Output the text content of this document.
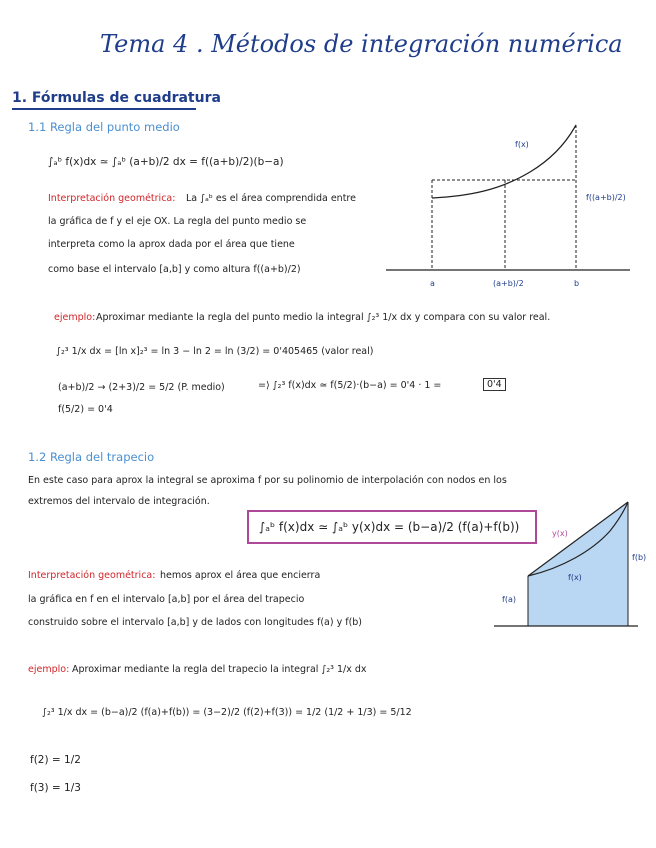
Tema 4 . Métodos de integración numérica
1. Fórmulas de cuadratura
1.1 Regla del punto medio
∫ₐᵇ f(x)dx ≃ ∫ₐᵇ (a+b)/2 dx = f((a+b)/2)(b−a)
Interpretación geométrica: La ∫ₐᵇ es el área comprendida entre
la gráfica de f y el eje OX. La regla del punto medio se
interpreta como la aprox dada por el área que tiene
como base el intervalo [a,b] y como altura f((a+b)/2)
f(x)
f((a+b)/2)
a	(a+b)/2	b
ejemplo: Aproximar mediante la regla del punto medio la integral ∫₂³ 1/x dx y compara con su valor real.
∫₂³ 1/x dx = [ln x]₂³ = ln 3 − ln 2 = ln (3/2) = 0'405465 (valor real)
(a+b)/2 → (2+3)/2 = 5/2 (P. medio)	=⟩ ∫₂³ f(x)dx ≃ f(5/2)·(b−a) = 0'4 · 1 =	0'4
f(5/2) = 0'4
1.2 Regla del trapecio
En este caso para aprox la integral se aproxima f por su polinomio de interpolación con nodos en los
extremos del intervalo de integración.
∫ₐᵇ f(x)dx ≃ ∫ₐᵇ y(x)dx = (b−a)/2 (f(a)+f(b))
Interpretación geométrica: hemos aprox el área que encierra
la gráfica en f en el intervalo [a,b] por el área del trapecio
construido sobre el intervalo [a,b] y de lados con longitudes f(a) y f(b)
y(x)
f(x)
f(a)
f(b)
ejemplo: Aproximar mediante la regla del trapecio la integral ∫₂³ 1/x dx
∫₂³ 1/x dx = (b−a)/2 (f(a)+f(b)) = (3−2)/2 (f(2)+f(3)) = 1/2 (1/2 + 1/3) = 5/12
f(2) = 1/2
f(3) = 1/3
